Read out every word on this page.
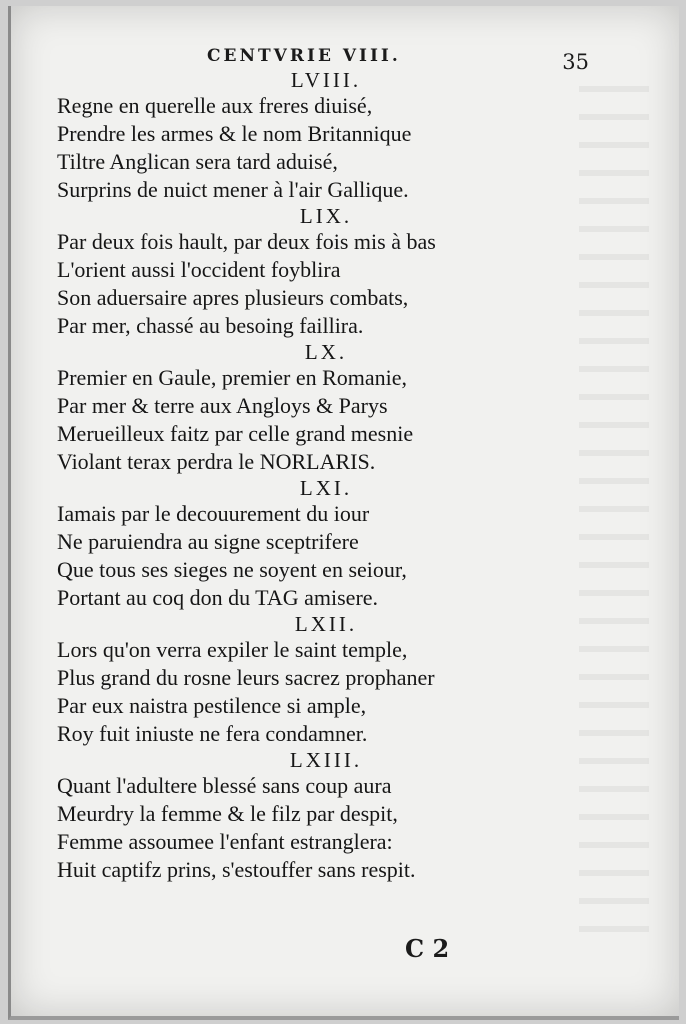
CENTVRIE VIII.	35
LVIII.
Regne en querelle aux freres diuisé,
Prendre les armes & le nom Britannique
Tiltre Anglican sera tard aduisé,
Surprins de nuict mener à l'air Gallique.
LIX.
Par deux fois hault, par deux fois mis à bas
L'orient aussi l'occident foyblira
Son aduersaire apres plusieurs combats,
Par mer, chassé au besoing faillira.
LX.
Premier en Gaule, premier en Romanie,
Par mer & terre aux Angloys & Parys
Merueilleux faitz par celle grand mesnie
Violant terax perdra le NORLARIS.
LXI.
Iamais par le decouurement du iour
Ne paruiendra au signe sceptrifere
Que tous ses sieges ne soyent en seiour,
Portant au coq don du TAG amisere.
LXII.
Lors qu'on verra expiler le saint temple,
Plus grand du rosne leurs sacrez prophaner
Par eux naistra pestilence si ample,
Roy fuit iniuste ne fera condamner.
LXIII.
Quant l'adultere blessé sans coup aura
Meurdry la femme & le filz par despit,
Femme assoumee l'enfant estranglera:
Huit captifz prins, s'estouffer sans respit.
C 2
